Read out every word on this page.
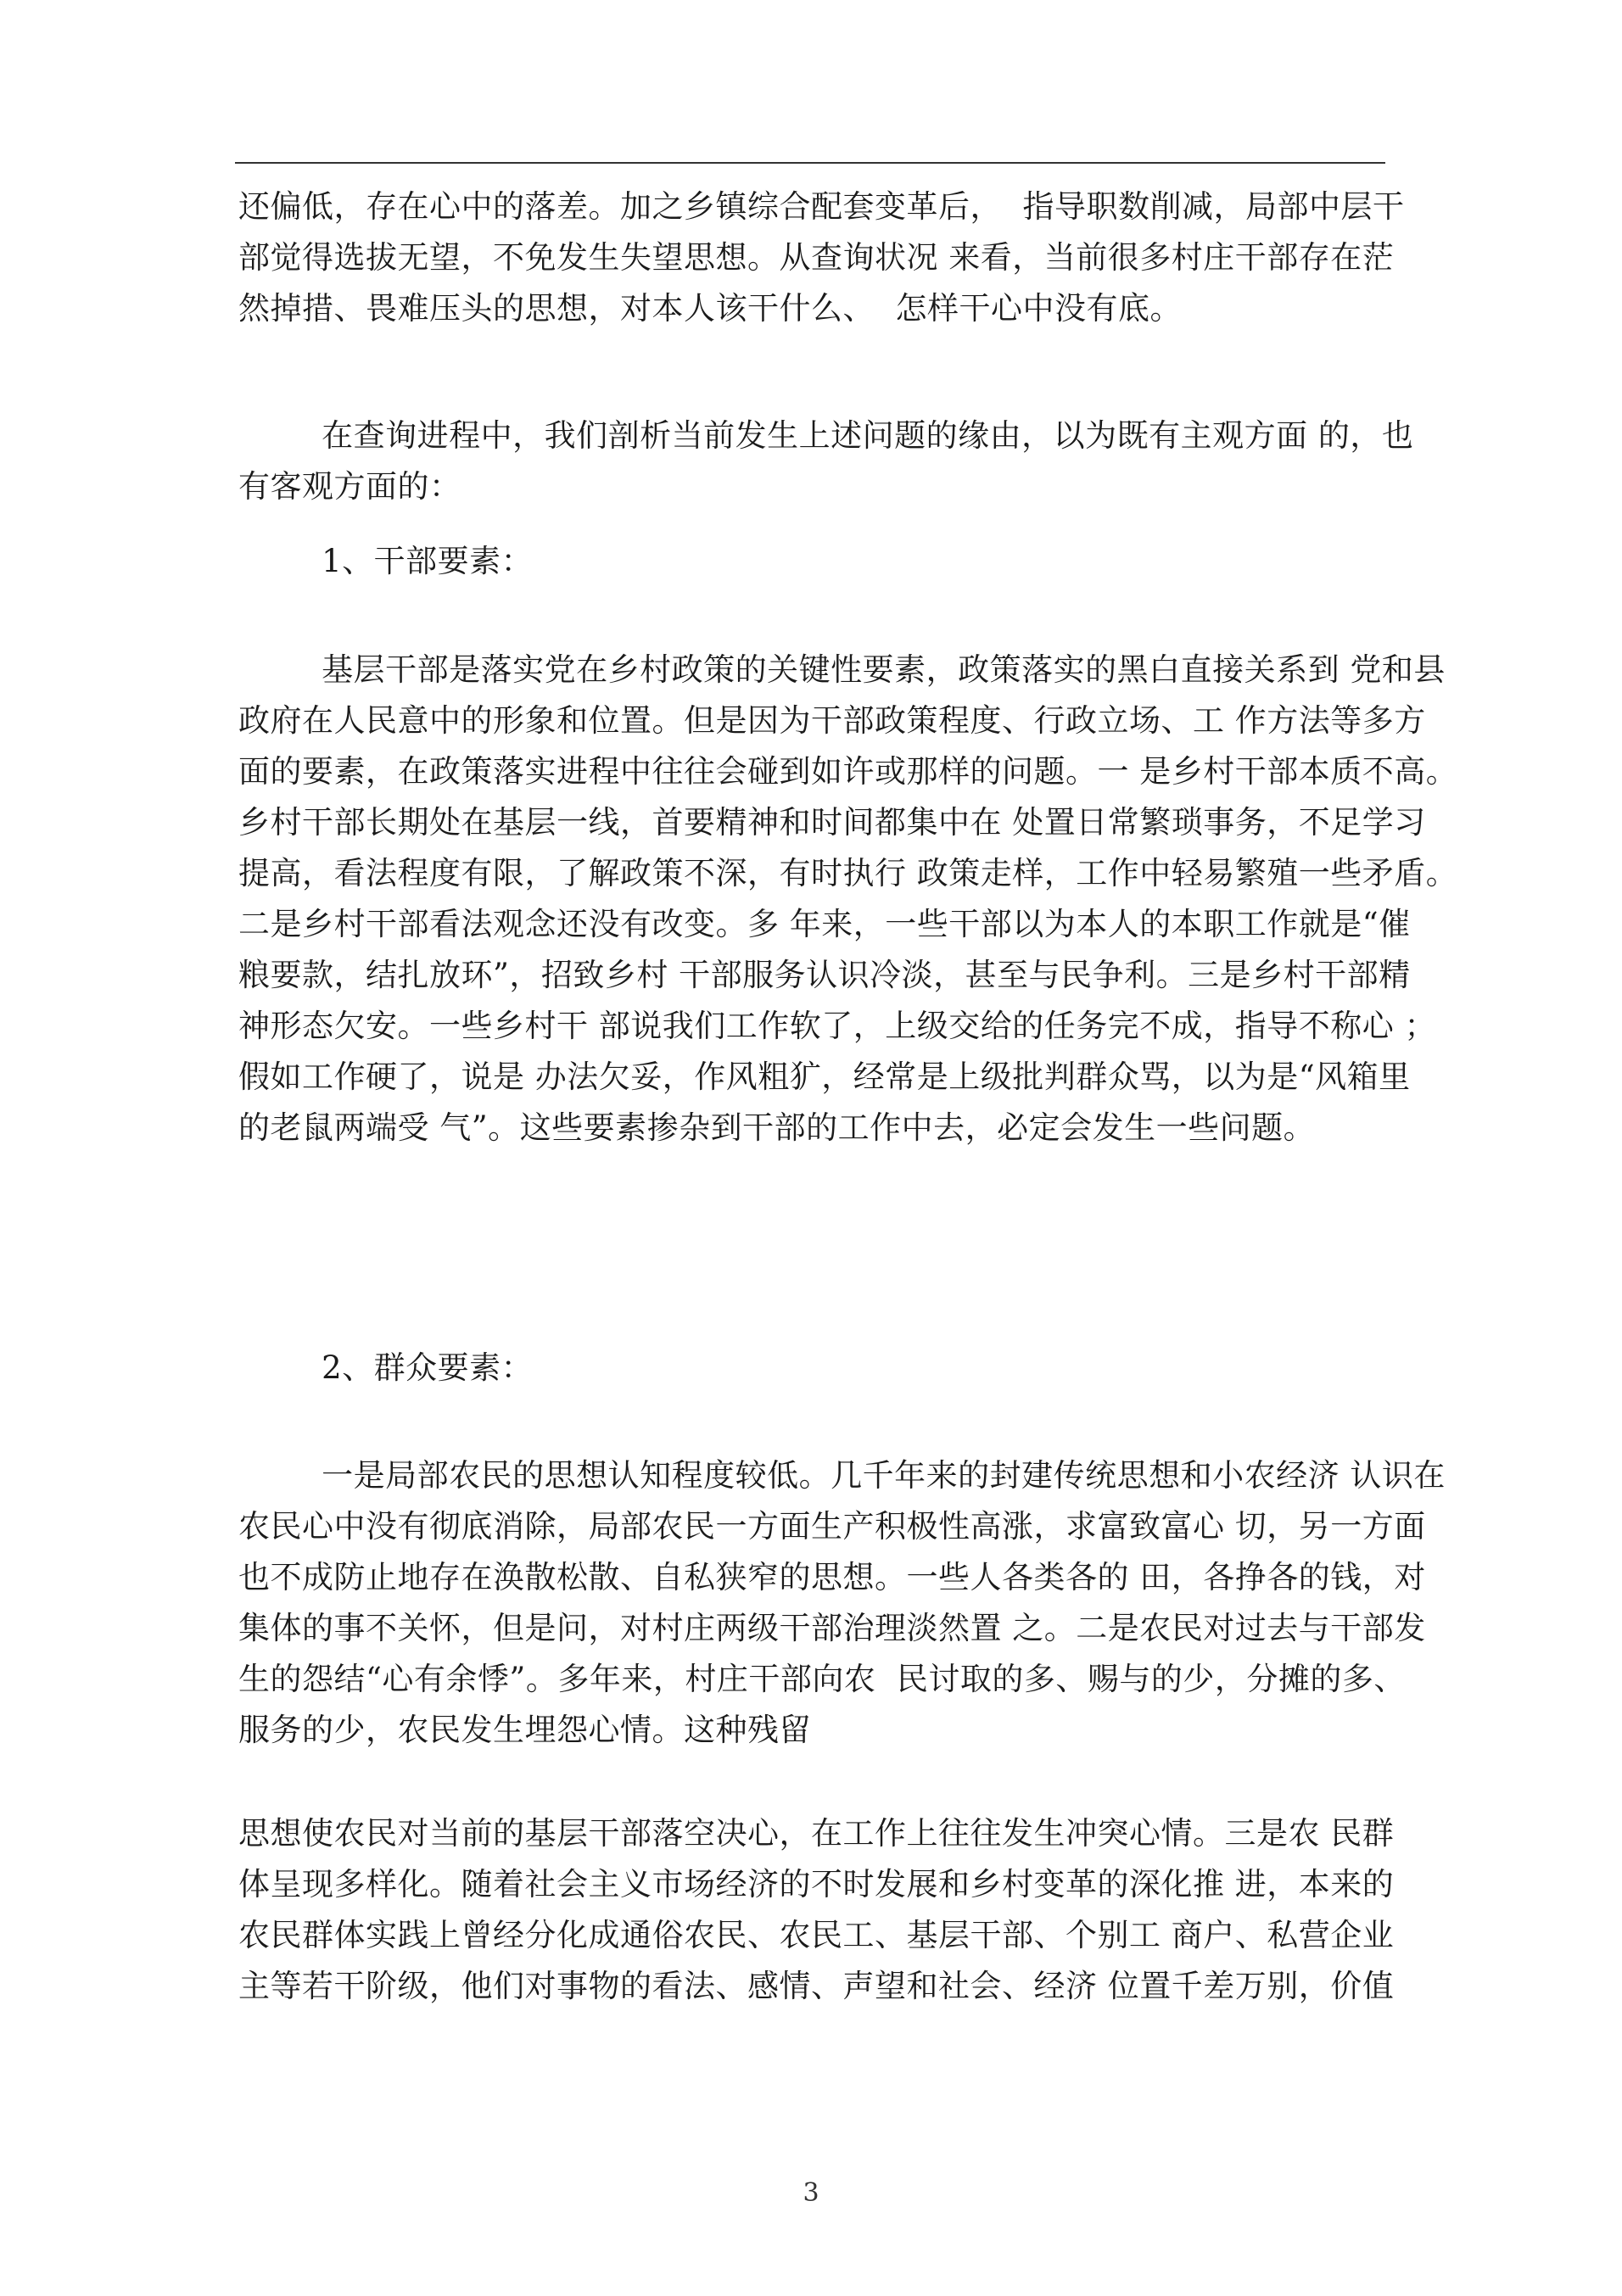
还偏低，存在心中的落差。加之乡镇综合配套变革后，  指导职数削减，局部中层干
部觉得选拔无望，不免发生失望思想。从查询状况 来看，当前很多村庄干部存在茫
然掉措、畏难压头的思想，对本人该干什么、  怎样干心中没有底。
在查询进程中，我们剖析当前发生上述问题的缘由，以为既有主观方面 的，也
有客观方面的：
1、干部要素：
基层干部是落实党在乡村政策的关键性要素，政策落实的黑白直接关系到 党和县
政府在人民意中的形象和位置。但是因为干部政策程度、行政立场、工 作方法等多方
面的要素，在政策落实进程中往往会碰到如许或那样的问题。一 是乡村干部本质不高。
乡村干部长期处在基层一线，首要精神和时间都集中在 处置日常繁琐事务，不足学习
提高，看法程度有限，了解政策不深，有时执行 政策走样，工作中轻易繁殖一些矛盾。
二是乡村干部看法观念还没有改变。多 年来，一些干部以为本人的本职工作就是“催
粮要款，结扎放环”，招致乡村 干部服务认识冷淡，甚至与民争利。三是乡村干部精
神形态欠安。一些乡村干 部说我们工作软了，上级交给的任务完不成，指导不称心 ；
假如工作硬了，说是 办法欠妥，作风粗犷，经常是上级批判群众骂，以为是“风箱里
的老鼠两端受 气”。这些要素掺杂到干部的工作中去，必定会发生一些问题。
2、群众要素：
一是局部农民的思想认知程度较低。几千年来的封建传统思想和小农经济 认识在
农民心中没有彻底消除，局部农民一方面生产积极性高涨，求富致富心 切，另一方面
也不成防止地存在涣散松散、自私狭窄的思想。一些人各类各的 田，各挣各的钱，对
集体的事不关怀，但是问，对村庄两级干部治理淡然置 之。二是农民对过去与干部发
生的怨结“心有余悸”。多年来，村庄干部向农  民讨取的多、赐与的少，分摊的多、
服务的少，农民发生埋怨心情。这种残留
思想使农民对当前的基层干部落空决心，在工作上往往发生冲突心情。三是农 民群
体呈现多样化。随着社会主义市场经济的不时发展和乡村变革的深化推 进，本来的
农民群体实践上曾经分化成通俗农民、农民工、基层干部、个别工 商户、私营企业
主等若干阶级，他们对事物的看法、感情、声望和社会、经济 位置千差万别，价值
3
